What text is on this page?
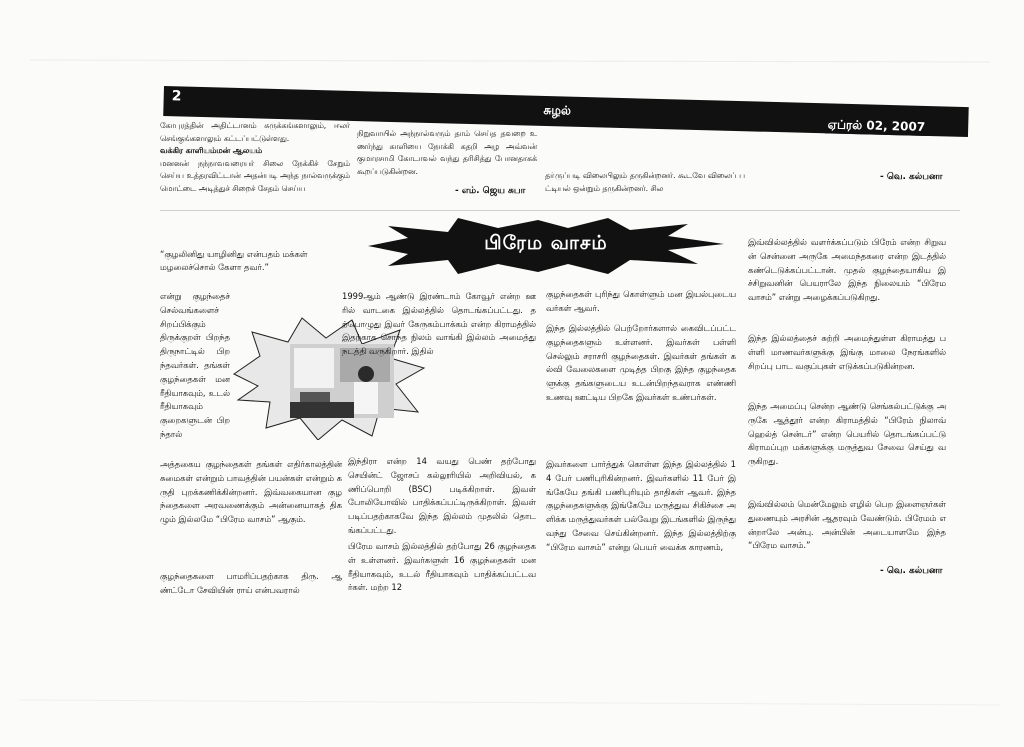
2
சுழல்
ஏப்ரல் 02, 2007
கோபுரத்தின் அதிட்டானம் சுருக்கங்களாலும், ஈலர் செங்குங்களாலும் கட்டப்பட்டுள்ளது.
வக்கிர காளியம்மன் ஆலயம்
மனனன் நந்நாவவரையர் சிலை நேக்கிச் சேறும் செய்ய உத்தரவிட்டான் அதன்படி அந்த நால்வருக்கும் மொட்டை அடித்துச் சிறைச் சேதம் செய்ய
நிறுவாயில் அந்நால்வரும் தாம் செய்த தவறை உணர்ந்து காளியை நோக்கி கதறி அழ அவ்வன் குமாரசாமி கோடாவல் வந்து தரிசித்து போனதாகக் கூறப்படுகின்றன.
- எம். ஜெய சுபா
தா்ருப்படி விலைபிலும் தருகின்றனர். கூடவே விலைப் பட்டியல் ஒன்றும் தருகின்றனர். சில
- வெ. கல்பனா
பிரேம வாசம்
“குழலினிது யாழினிது என்பதம் மக்கள் மழலைச்சொல் கேளா தவர்.”
என்று குழந்தைச் செல்வங்களைச் சிறப்பிக்கும் திருக்குறள் பிறந்த திருநாட்டில் பிறந்தவர்கள். தங்கள் குழந்தைகள் மனரீதியாகவும், உடல் ரீதியாகவும் குறைகளுடன் பிறந்தால்
அத்தகைய குழந்தைகள் தங்கள் எதிர்காலத்தின் சுமைகள் என்றும் பாவத்தின் பயன்கள் என்றும் கருதி புறக்கணிக்கின்றனர். இவ்வகையான குழந்தைகளை அரவணைக்கும் அன்னையாகத் திகழும் இல்லமே “பிரேம வாசம்” ஆகும்.
குழந்தைகளை பாமரிப்பதற்காக திரு. ஆண்ட்டோ சேவியின் ராய் என்பவரால்
1999ஆம் ஆண்டு இரண்டாம் கோவூர் என்ற ஊரில் வாடகை இல்லத்தில் தொடங்கப்பட்டது. தற்பொழுது இவர் கேருகம்பாக்கம் என்ற கிராமத்தில் இதற்காக சொந்த நிலம் வாங்கி இல்லம் அமைத்து நடத்தி வருகிறார். இதில்
இந்திரா என்ற 14 வயது பெண் தற்போது செயின்ட் ஜோசப் கல்லூரியில் அறிவியல், கணிப்பொறி (BSC) படிக்கிறாள். இவள் போலியோவில் பாதிக்கப்பட்டிருக்கிறாள். இவள் படிப்பதற்காகவே இந்த இல்லம் முதலில் தொடங்கப்பட்டது.
பிரேம வாசம் இல்லத்தில் தற்போது 26 குழந்தைகள் உள்ளனர். இவர்களுள் 16 குழந்தைகள் மனரீதியாகவும், உடல் ரீதியாகவும் பாதிக்கப்பட்டவர்கள். மற்ற 12
குழந்தைகள் புரிந்து கொள்ளும் மன இயல்புடையவர்கள் ஆவர்.
இந்த இல்லத்தில் பெற்றோர்களால் கைவிடப்பட்ட குழந்தைகளும் உள்ளனர். இவர்கள் பள்ளி செல்லும் சராசரி குழந்தைகள். இவர்கள் தங்கள் கல்வி வேலைகளை முடித்த பிறகு இந்த குழந்தைகளுக்கு தங்களுடைய உடன்பிறந்தவராக எண்ணி உணவு ஊட்டிய பிறகே இவர்கள் உண்பர்கள்.
இவர்களை பார்த்துக் கொள்ள இந்த இல்லத்தில் 14 பேர் பணிபுரிகின்றனர். இவர்களில் 11 பேர் இங்கேயே தங்கி பணிபுரியும் தாதிகள் ஆவர். இந்த குழந்தைகளுக்கு இங்கேயே மருத்துவ சிகிச்சை அளிக்க மருத்துவர்கள் பல்வேறு இடங்களில் இருந்து வந்து சேவை செய்கின்றனர். இந்த இல்லத்திற்கு “பிரேம வாசம்” என்று பெயர் வைக்க காரணம்,
இவ்வில்லத்தில் வளர்க்கப்படும் பிரேம் என்ற சிறுவன் சென்னை அருகே அமைந்தகரை என்ற இடத்தில் கண்டெடுக்கப்பட்டான். முதல் குழந்தையாகிய இச்சிறுவனின் பெயராலே இந்த நிலையம் “பிரேம வாசம்” என்று அழைக்கப்படுகிறது.
இந்த இல்லத்தைச் சுற்றி அமைந்துள்ள கிராமத்து பள்ளி மாணவர்களுக்கு இங்கு மாலை நேரங்களில் சிறப்பு பாட வகுப்புகள் எடுக்கப்படுகின்றன.
இந்த அமைப்பு சென்ற ஆண்டு செங்கல்பட்டுக்கு அருகே ஆத்தூர் என்ற கிராமத்தில் “பிரேம் நிலாவ் ஹெல்த் சென்டர்” என்ற பெயரில் தொடங்கப்பட்டு கிராமப்புற மக்களுக்கு மருத்துவ சேவை செய்து வருகிறது.
இவ்வில்லம் மென்மேலும் எழில் பெற இளைஞர்கள் துணையும் அரசின் ஆதரவும் வேண்டும். பிரேமம் என்றாலே அன்பு. அன்பின் அடையாளமே இந்த “பிரேம வாசம்.”
- வெ. கல்பனா
